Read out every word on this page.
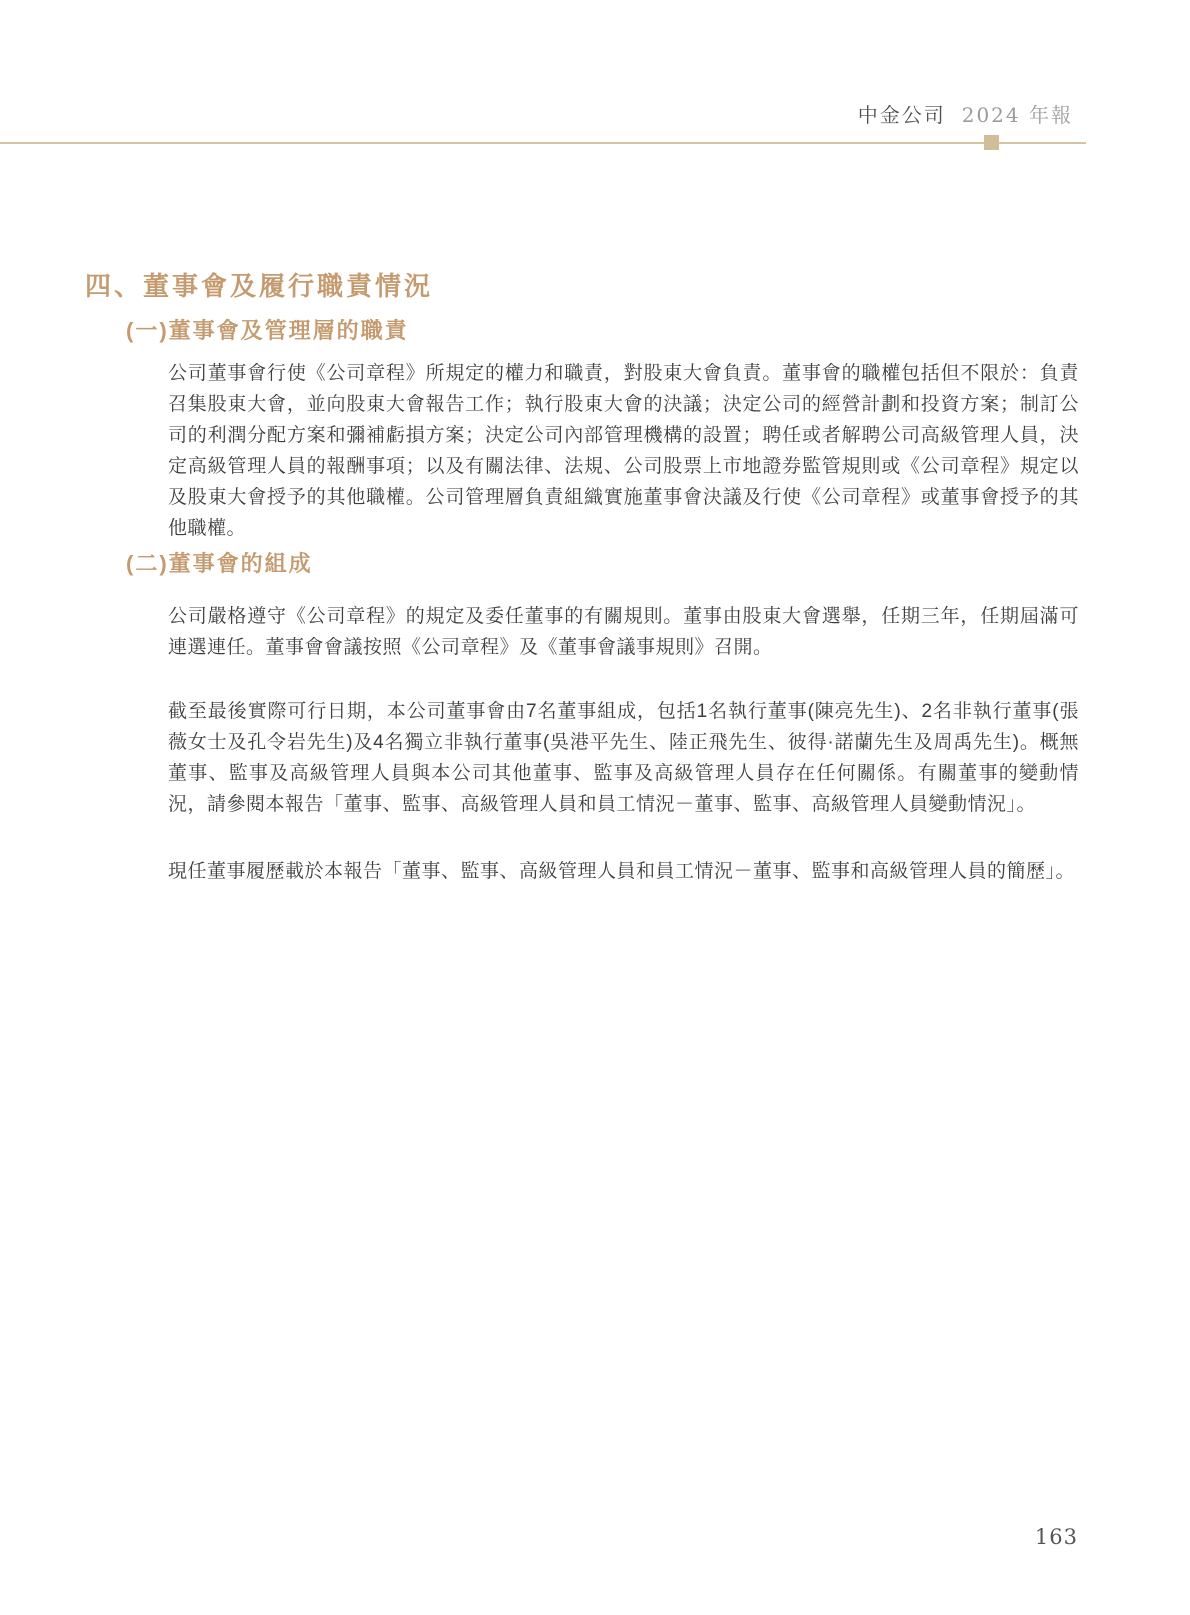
中金公司 2024 年報
四、董事會及履行職責情況
(一)董事會及管理層的職責

公司董事會行使《公司章程》所規定的權力和職責，對股東大會負責。董事會的職權包括但不限於：負責召集股東大會，並向股東大會報告工作；執行股東大會的決議；決定公司的經營計劃和投資方案；制訂公司的利潤分配方案和彌補虧損方案；決定公司內部管理機構的設置；聘任或者解聘公司高級管理人員，決定高級管理人員的報酬事項；以及有關法律、法規、公司股票上市地證券監管規則或《公司章程》規定以及股東大會授予的其他職權。公司管理層負責組織實施董事會決議及行使《公司章程》或董事會授予的其他職權。

(二)董事會的組成

公司嚴格遵守《公司章程》的規定及委任董事的有關規則。董事由股東大會選舉，任期三年，任期屆滿可連選連任。董事會會議按照《公司章程》及《董事會議事規則》召開。

截至最後實際可行日期，本公司董事會由7名董事組成，包括1名執行董事(陳亮先生)、2名非執行董事(張薇女士及孔令岩先生)及4名獨立非執行董事(吳港平先生、陸正飛先生、彼得·諾蘭先生及周禹先生)。概無董事、監事及高級管理人員與本公司其他董事、監事及高級管理人員存在任何關係。有關董事的變動情況，請參閱本報告「董事、監事、高級管理人員和員工情況－董事、監事、高級管理人員變動情況」。

現任董事履歷載於本報告「董事、監事、高級管理人員和員工情況－董事、監事和高級管理人員的簡歷」。

163
